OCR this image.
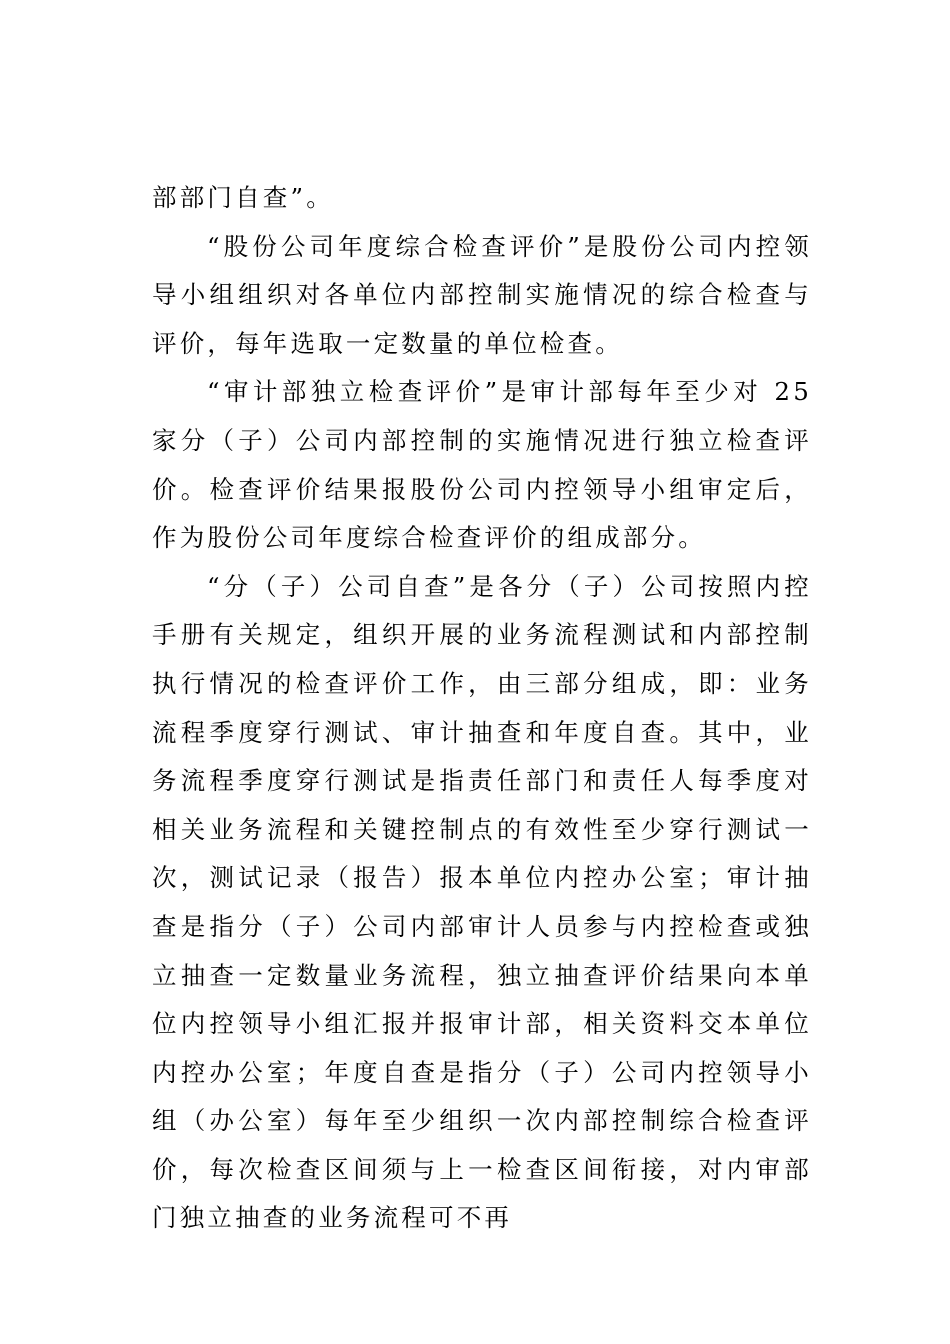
部部门自查”。

“股份公司年度综合检查评价”是股份公司内控领导小组组织对各单位内部控制实施情况的综合检查与评价，每年选取一定数量的单位检查。

“审计部独立检查评价”是审计部每年至少对 25 家分（子）公司内部控制的实施情况进行独立检查评价。检查评价结果报股份公司内控领导小组审定后，作为股份公司年度综合检查评价的组成部分。

“分（子）公司自查”是各分（子）公司按照内控手册有关规定，组织开展的业务流程测试和内部控制执行情况的检查评价工作，由三部分组成，即：业务流程季度穿行测试、审计抽查和年度自查。其中，业务流程季度穿行测试是指责任部门和责任人每季度对相关业务流程和关键控制点的有效性至少穿行测试一次，测试记录（报告）报本单位内控办公室；审计抽查是指分（子）公司内部审计人员参与内控检查或独立抽查一定数量业务流程，独立抽查评价结果向本单位内控领导小组汇报并报审计部，相关资料交本单位内控办公室；年度自查是指分（子）公司内控领导小组（办公室）每年至少组织一次内部控制综合检查评价，每次检查区间须与上一检查区间衔接，对内审部门独立抽查的业务流程可不再
